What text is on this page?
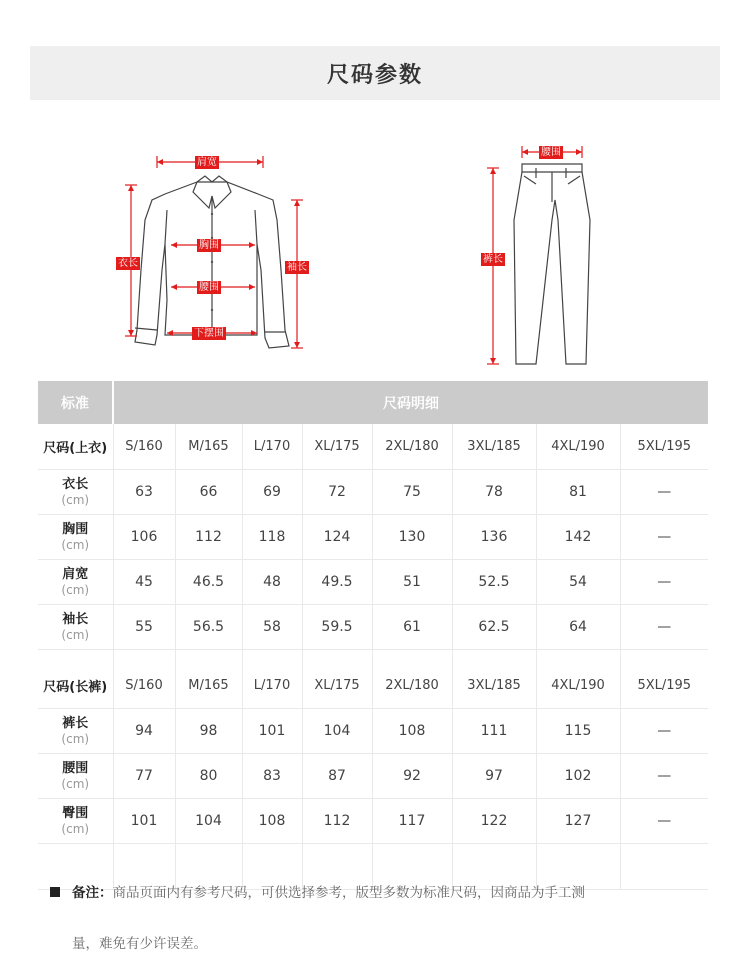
尺码参数
肩宽
衣长
胸围
袖长
腰围
下摆围
腰围
裤长
标准	尺码明细							
尺码(上衣)	S/160	M/165	L/170	XL/175	2XL/180	3XL/185	4XL/190	5XL/195

衣长
(cm)	63	66	69	72	75	78	81	—

胸围
(cm)	106	112	118	124	130	136	142	—

肩宽
(cm)	45	46.5	48	49.5	51	52.5	54	—

袖长
(cm)	55	56.5	58	59.5	61	62.5	64	—

尺码(长裤)	S/160	M/165	L/170	XL/175	2XL/180	3XL/185	4XL/190	5XL/195

裤长
(cm)	94	98	101	104	108	111	115	—

腰围
(cm)	77	80	83	87	92	97	102	—

臀围
(cm)	101	104	108	112	117	122	127	—

备注：商品页面内有参考尺码，可供选择参考，版型多数为标准尺码，因商品为手工测
量，难免有少许误差。
